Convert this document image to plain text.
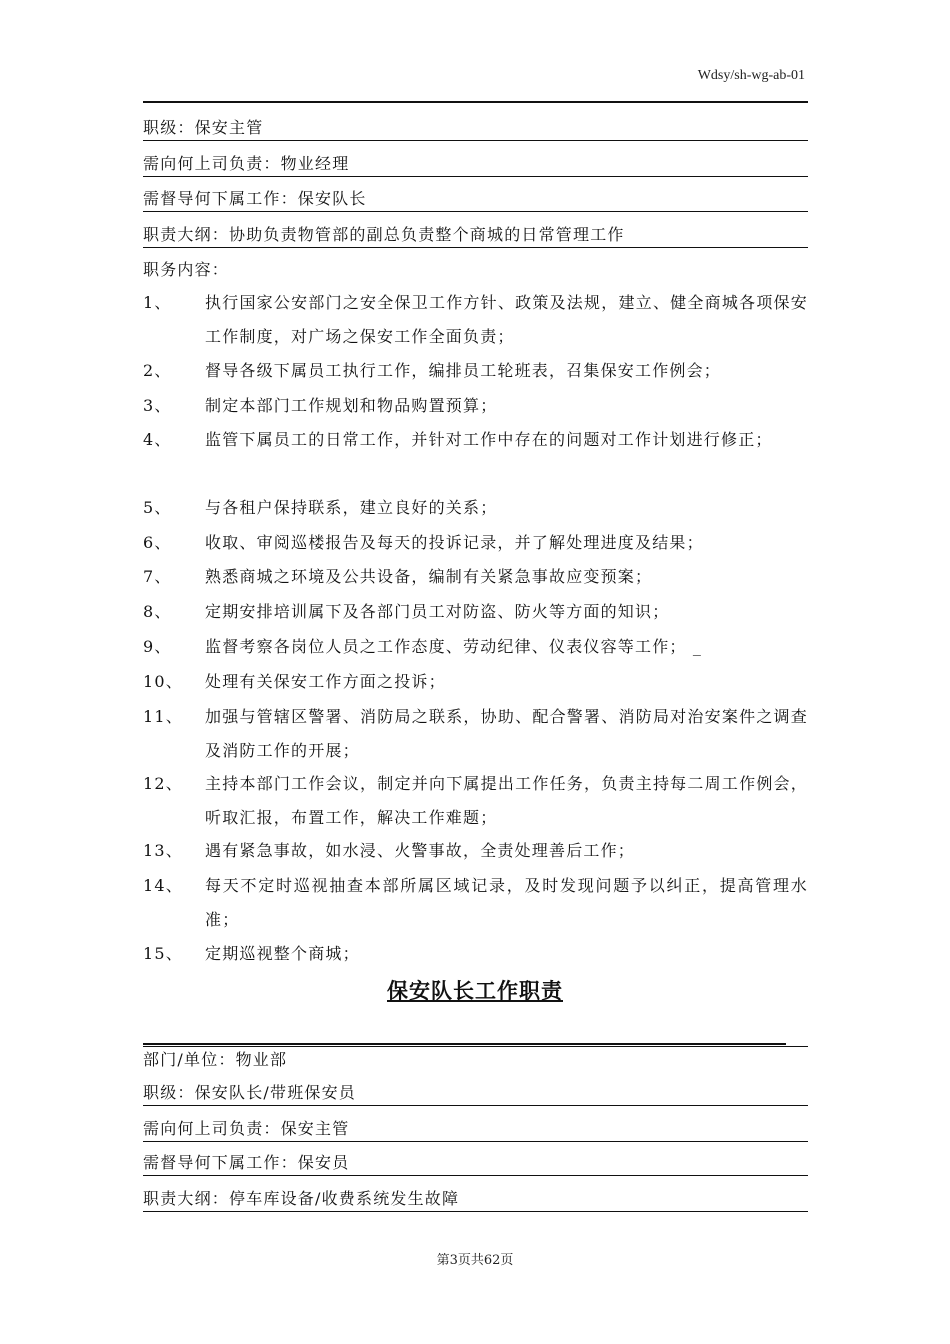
Wdsy/sh-wg-ab-01
职级：保安主管
需向何上司负责：物业经理
需督导何下属工作：保安队长
职责大纲：协助负责物管部的副总负责整个商城的日常管理工作
职务内容：
1、 执行国家公安部门之安全保卫工作方针、政策及法规，建立、健全商城各项保安工作制度，对广场之保安工作全面负责；
2、 督导各级下属员工执行工作，编排员工轮班表，召集保安工作例会；
3、 制定本部门工作规划和物品购置预算；
4、 监管下属员工的日常工作，并针对工作中存在的问题对工作计划进行修正；
5、 与各租户保持联系，建立良好的关系；
6、 收取、审阅巡楼报告及每天的投诉记录，并了解处理进度及结果；
7、 熟悉商城之环境及公共设备，编制有关紧急事故应变预案；
8、 定期安排培训属下及各部门员工对防盗、防火等方面的知识；
9、 监督考察各岗位人员之工作态度、劳动纪律、仪表仪容等工作； _
10、 处理有关保安工作方面之投诉；
11、 加强与管辖区警署、消防局之联系，协助、配合警署、消防局对治安案件之调查及消防工作的开展；
12、 主持本部门工作会议，制定并向下属提出工作任务，负责主持每二周工作例会，听取汇报，布置工作，解决工作难题；
13、 遇有紧急事故，如水浸、火警事故，全责处理善后工作；
14、 每天不定时巡视抽查本部所属区域记录，及时发现问题予以纠正，提高管理水准；
15、 定期巡视整个商城；
保安队长工作职责
部门/单位：物业部
职级：保安队长/带班保安员
需向何上司负责：保安主管
需督导何下属工作：保安员
职责大纲：停车库设备/收费系统发生故障
第3页共62页
